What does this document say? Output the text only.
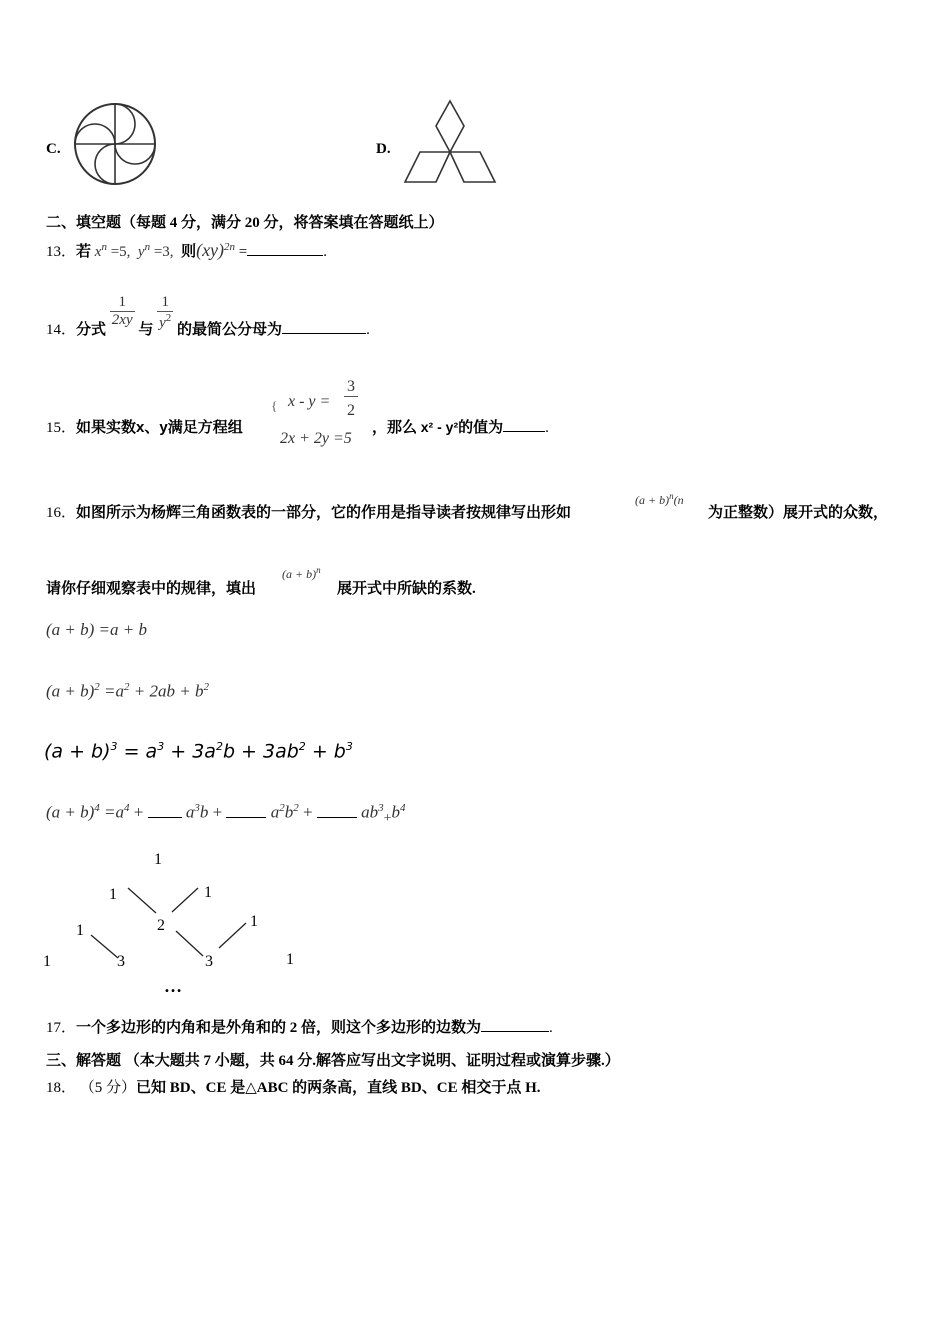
C.	D.
二、填空题（每题 4 分，满分 20 分，将答案填在答题纸上）
13．若 $x^n =5$, $y^n =3$, 则(xy)$^{2n}$ =	.
14．分式
$\frac{1}{2xy}$
与 $\frac{1}{y^2}$ 的最简公分母为	.
15．如果实数x、y满足方程组
{ x - y =
3
2
2x + 2y =5
，那么 x² - y²的值为	.
16．如图所示为杨辉三角函数表的一部分，它的作用是指导读者按规律写出形如
$(a + b)^n(n$
为正整数）展开式的众数，
请你仔细观察表中的规律，填出
$(a + b)^n$
展开式中所缺的系数.
(a + b) =a + b
$(a + b)^2 =a^2 + 2ab + b^2$
$(a + b)^3 = a^3 + 3a^2b + 3ab^2 + b^3$
$(a + b)^4 =a^4$ +	$a^3b$ +	$a^2b^2$ +	$ab^3_+b^4$
1
1	1
1	2	1
1	3	3	1
…
17．一个多边形的内角和是外角和的 2 倍，则这个多边形的边数为	.
三、解答题 （本大题共 7 小题，共 64 分.解答应写出文字说明、证明过程或演算步骤.）
18． （5 分）已知 BD、CE 是△ABC 的两条高，直线 BD、CE 相交于点 H.
